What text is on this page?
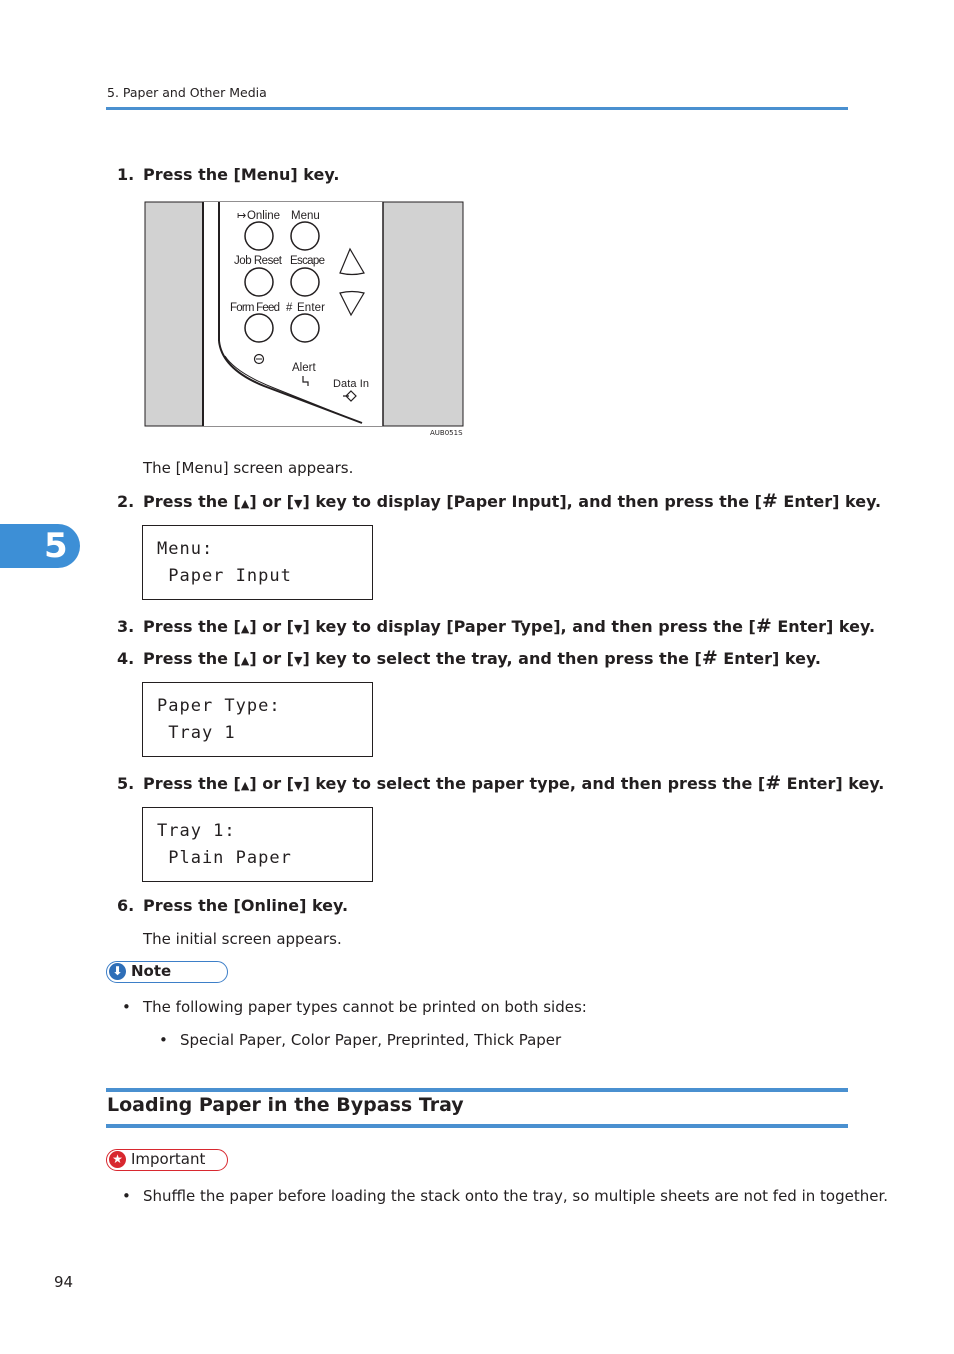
5. Paper and Other Media
5
1. Press the [Menu] key.
↦ Online Menu
Job Reset Escape
Form Feed # Enter
Alert
Data In
AUB051S
The [Menu] screen appears.
2. Press the [▲] or [▼] key to display [Paper Input], and then press the [# Enter] key.
Menu:
Paper Input
3. Press the [▲] or [▼] key to display [Paper Type], and then press the [# Enter] key.
4. Press the [▲] or [▼] key to select the tray, and then press the [# Enter] key.
Paper Type:
Tray 1
5. Press the [▲] or [▼] key to select the paper type, and then press the [# Enter] key.
Tray 1:
Plain Paper
6. Press the [Online] key.
The initial screen appears.
⬇ Note
• The following paper types cannot be printed on both sides:
• Special Paper, Color Paper, Preprinted, Thick Paper
Loading Paper in the Bypass Tray
★ Important
• Shuffle the paper before loading the stack onto the tray, so multiple sheets are not fed in together.
94
